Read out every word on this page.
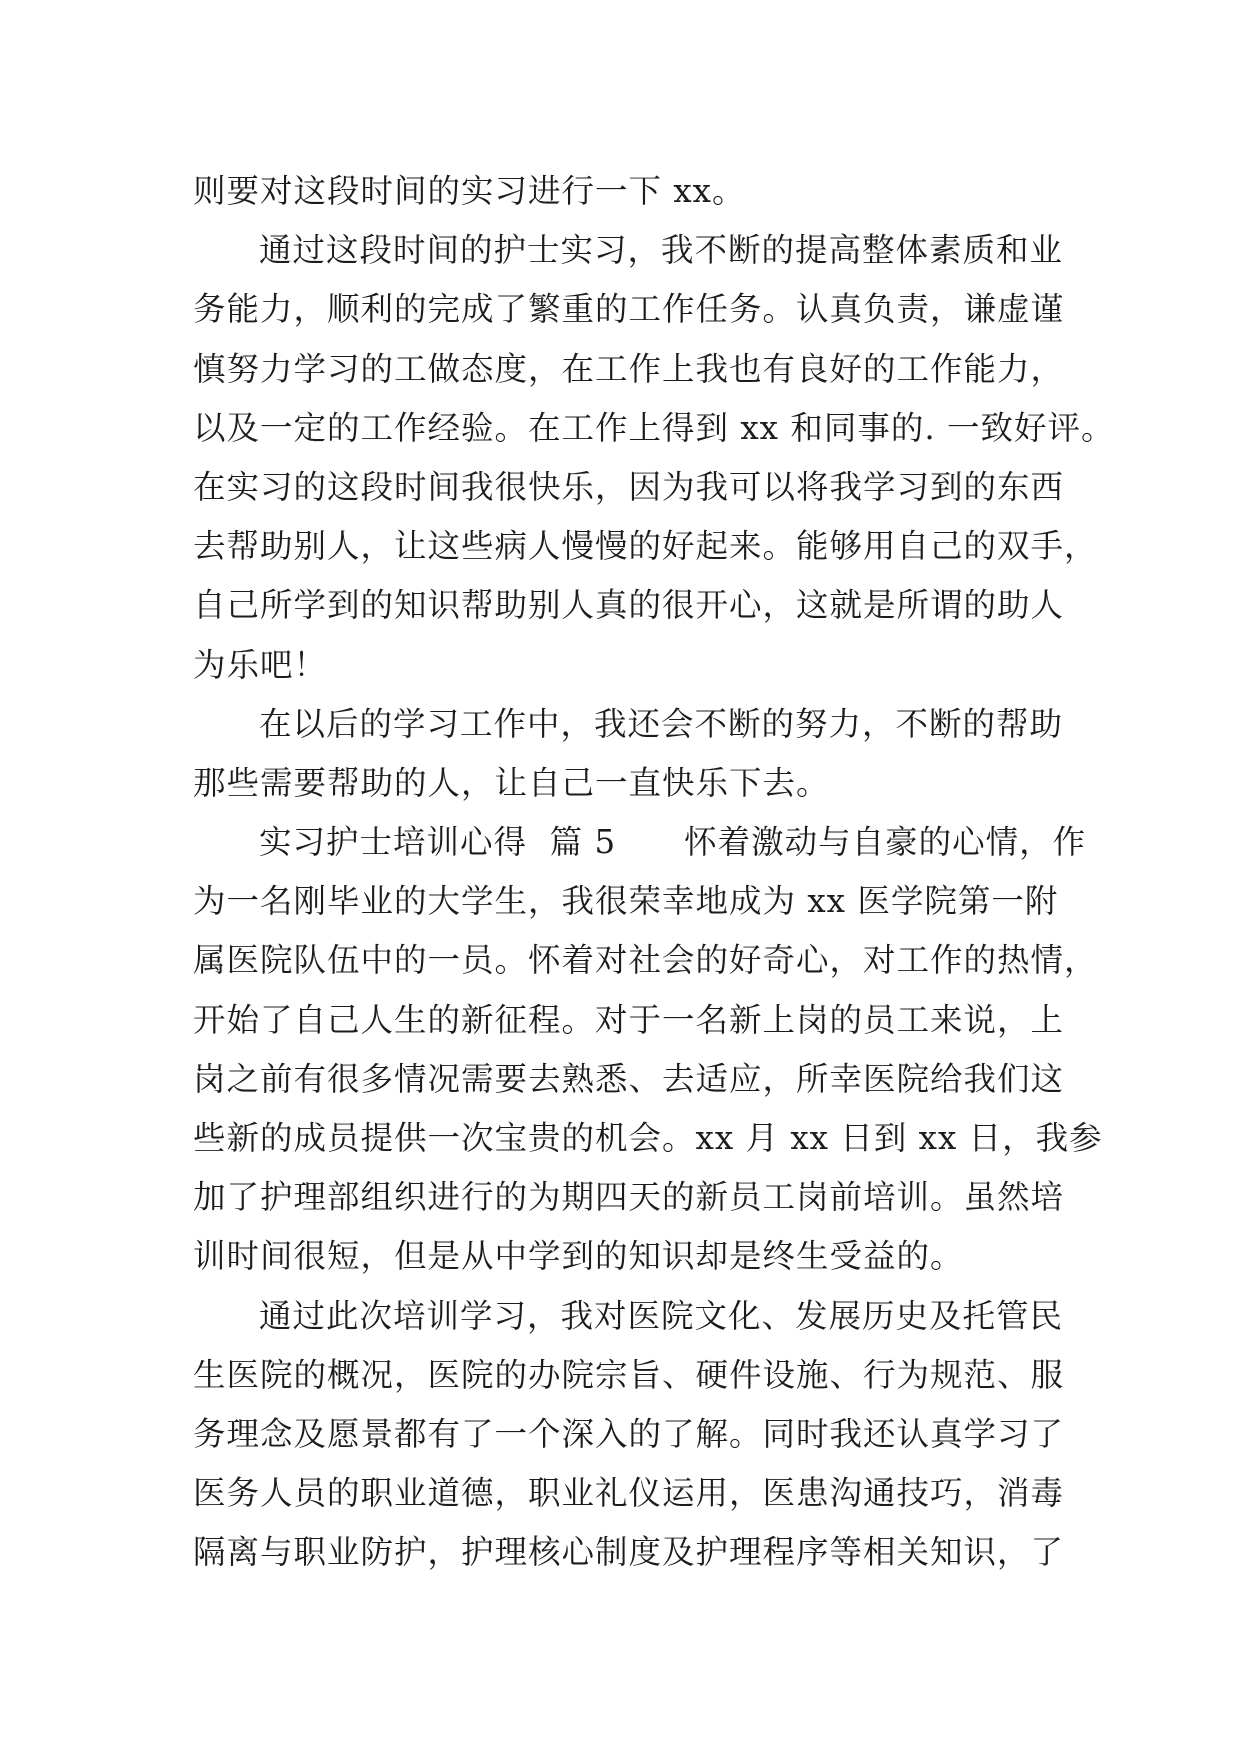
则要对这段时间的实习进行一下 xx。
通过这段时间的护士实习，我不断的提高整体素质和业
务能力，顺利的完成了繁重的工作任务。认真负责，谦虚谨
慎努力学习的工做态度，在工作上我也有良好的工作能力，
以及一定的工作经验。在工作上得到 xx 和同事的. 一致好评。
在实习的这段时间我很快乐，因为我可以将我学习到的东西
去帮助别人，让这些病人慢慢的好起来。能够用自己的双手，
自己所学到的知识帮助别人真的很开心，这就是所谓的助人
为乐吧！
在以后的学习工作中，我还会不断的努力，不断的帮助
那些需要帮助的人，让自己一直快乐下去。
实习护士培训心得  篇 5      怀着激动与自豪的心情，作
为一名刚毕业的大学生，我很荣幸地成为 xx 医学院第一附
属医院队伍中的一员。怀着对社会的好奇心，对工作的热情，
开始了自己人生的新征程。对于一名新上岗的员工来说，上
岗之前有很多情况需要去熟悉、去适应，所幸医院给我们这
些新的成员提供一次宝贵的机会。xx 月 xx 日到 xx 日，我参
加了护理部组织进行的为期四天的新员工岗前培训。虽然培
训时间很短，但是从中学到的知识却是终生受益的。
通过此次培训学习，我对医院文化、发展历史及托管民
生医院的概况，医院的办院宗旨、硬件设施、行为规范、服
务理念及愿景都有了一个深入的了解。同时我还认真学习了
医务人员的职业道德，职业礼仪运用，医患沟通技巧，消毒
隔离与职业防护，护理核心制度及护理程序等相关知识，了
